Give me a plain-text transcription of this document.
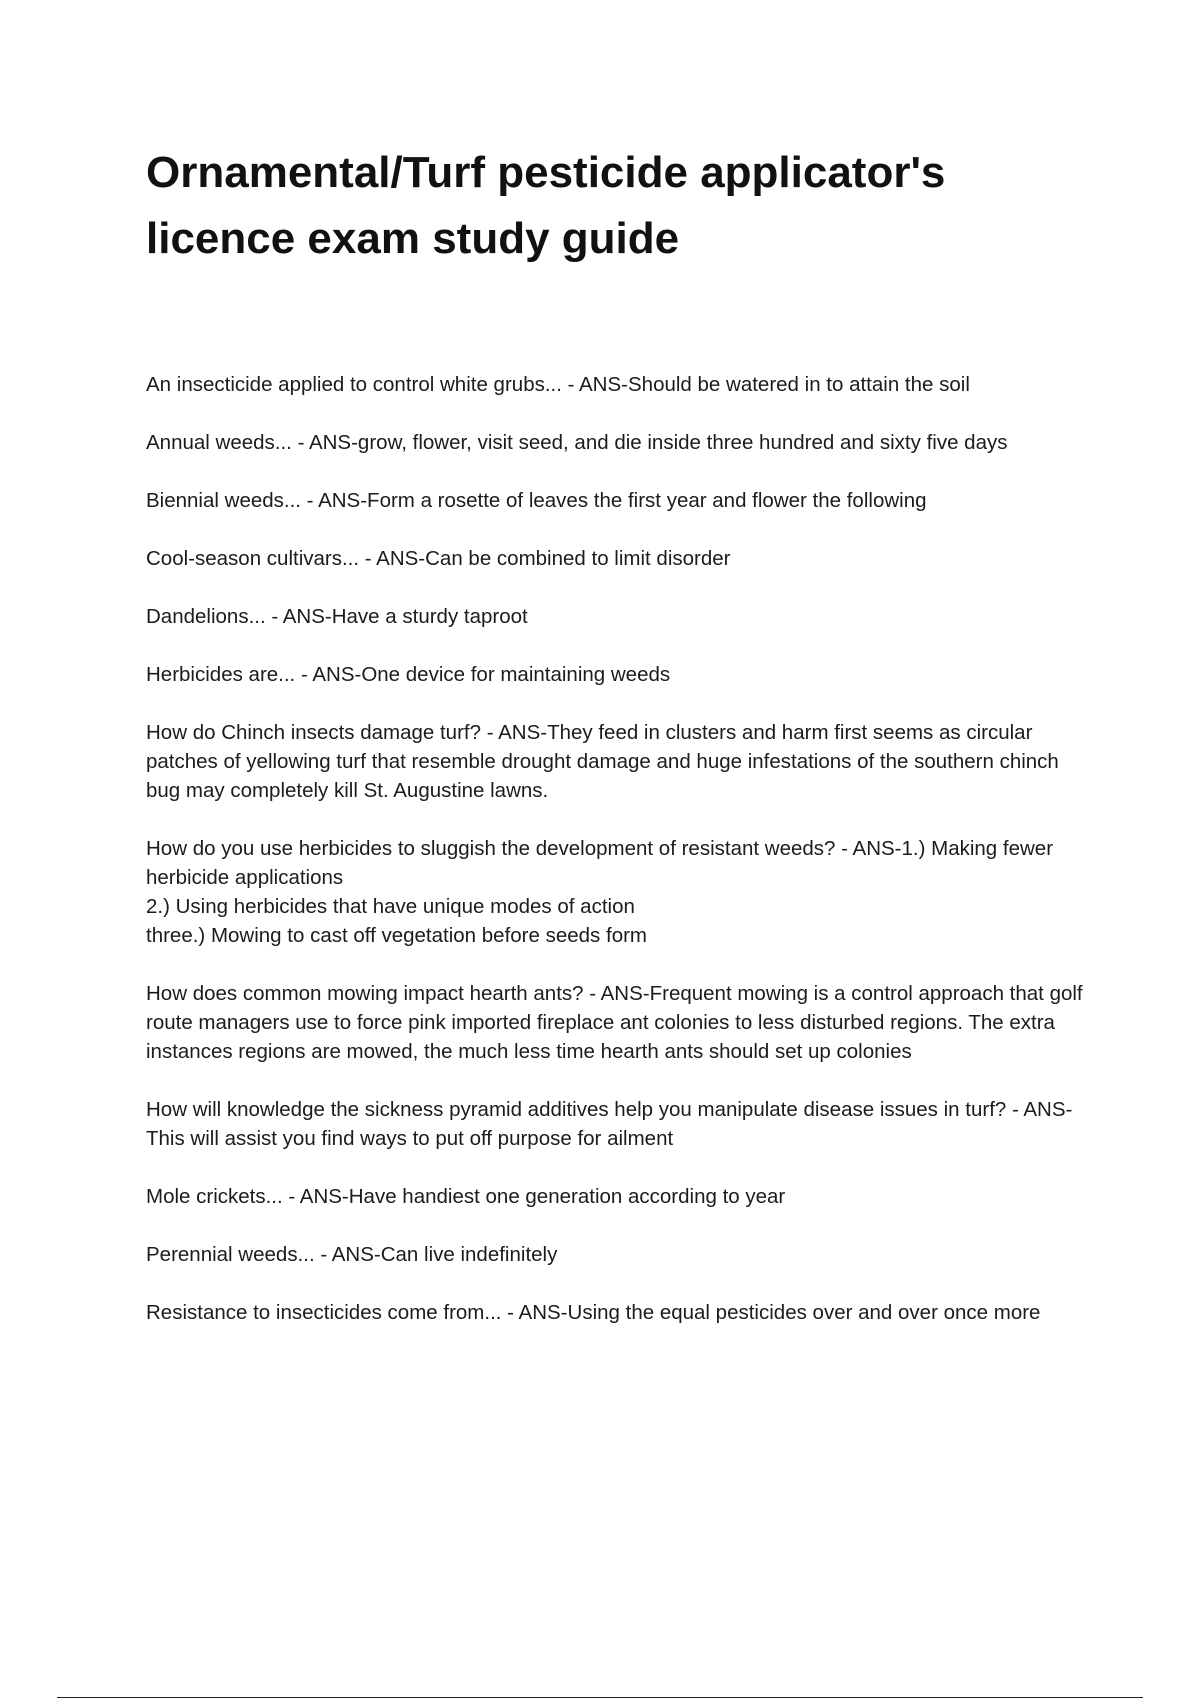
Ornamental/Turf pesticide applicator's licence exam study guide

An insecticide applied to control white grubs... - ANS-Should be watered in to attain the soil

Annual weeds... - ANS-grow, flower, visit seed, and die inside three hundred and sixty five days

Biennial weeds... - ANS-Form a rosette of leaves the first year and flower the following

Cool-season cultivars... - ANS-Can be combined to limit disorder

Dandelions... - ANS-Have a sturdy taproot

Herbicides are... - ANS-One device for maintaining weeds

How do Chinch insects damage turf? - ANS-They feed in clusters and harm first seems as circular patches of yellowing turf that resemble drought damage and huge infestations of the southern chinch bug may completely kill St. Augustine lawns.

How do you use herbicides to sluggish the development of resistant weeds? - ANS-1.) Making fewer herbicide applications
2.) Using herbicides that have unique modes of action
three.) Mowing to cast off vegetation before seeds form

How does common mowing impact hearth ants? - ANS-Frequent mowing is a control approach that golf route managers use to force pink imported fireplace ant colonies to less disturbed regions. The extra instances regions are mowed, the much less time hearth ants should set up colonies

How will knowledge the sickness pyramid additives help you manipulate disease issues in turf? - ANS-This will assist you find ways to put off purpose for ailment

Mole crickets... - ANS-Have handiest one generation according to year

Perennial weeds... - ANS-Can live indefinitely

Resistance to insecticides come from... - ANS-Using the equal pesticides over and over once more
